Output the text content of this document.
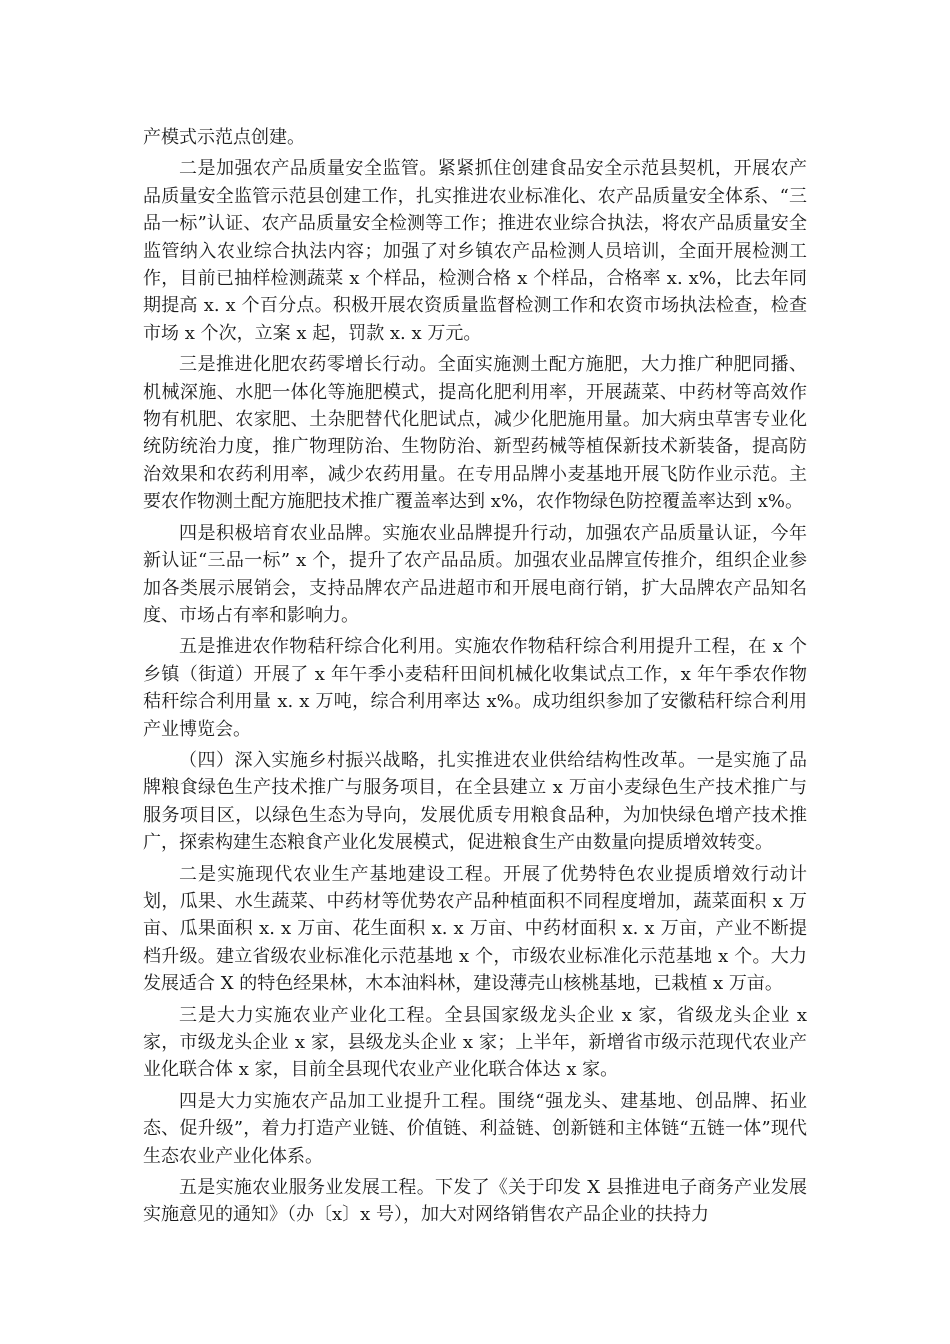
产模式示范点创建。

二是加强农产品质量安全监管。紧紧抓住创建食品安全示范县契机，开展农产品质量安全监管示范县创建工作，扎实推进农业标准化、农产品质量安全体系、“三品一标”认证、农产品质量安全检测等工作；推进农业综合执法，将农产品质量安全监管纳入农业综合执法内容；加强了对乡镇农产品检测人员培训，全面开展检测工作，目前已抽样检测蔬菜 x 个样品，检测合格 x 个样品，合格率 x. x%，比去年同期提高 x. x 个百分点。积极开展农资质量监督检测工作和农资市场执法检查，检查市场 x 个次，立案 x 起，罚款 x. x 万元。

三是推进化肥农药零增长行动。全面实施测土配方施肥，大力推广种肥同播、机械深施、水肥一体化等施肥模式，提高化肥利用率，开展蔬菜、中药材等高效作物有机肥、农家肥、土杂肥替代化肥试点，减少化肥施用量。加大病虫草害专业化统防统治力度，推广物理防治、生物防治、新型药械等植保新技术新装备，提高防治效果和农药利用率，减少农药用量。在专用品牌小麦基地开展飞防作业示范。主要农作物测土配方施肥技术推广覆盖率达到 x%，农作物绿色防控覆盖率达到 x%。

四是积极培育农业品牌。实施农业品牌提升行动，加强农产品质量认证，今年新认证“三品一标” x 个，提升了农产品品质。加强农业品牌宣传推介，组织企业参加各类展示展销会，支持品牌农产品进超市和开展电商行销，扩大品牌农产品知名度、市场占有率和影响力。

五是推进农作物秸秆综合化利用。实施农作物秸秆综合利用提升工程，在 x 个乡镇（街道）开展了 x 年午季小麦秸秆田间机械化收集试点工作，x 年午季农作物秸秆综合利用量 x. x 万吨，综合利用率达 x%。成功组织参加了安徽秸秆综合利用产业博览会。

（四）深入实施乡村振兴战略，扎实推进农业供给结构性改革。一是实施了品牌粮食绿色生产技术推广与服务项目，在全县建立 x 万亩小麦绿色生产技术推广与服务项目区，以绿色生态为导向，发展优质专用粮食品种，为加快绿色增产技术推广，探索构建生态粮食产业化发展模式，促进粮食生产由数量向提质增效转变。

二是实施现代农业生产基地建设工程。开展了优势特色农业提质增效行动计划，瓜果、水生蔬菜、中药材等优势农产品种植面积不同程度增加，蔬菜面积 x 万亩、瓜果面积 x. x 万亩、花生面积 x. x 万亩、中药材面积 x. x 万亩，产业不断提档升级。建立省级农业标准化示范基地 x 个，市级农业标准化示范基地 x 个。大力发展适合 X 的特色经果林，木本油料林，建设薄壳山核桃基地，已栽植 x 万亩。

三是大力实施农业产业化工程。全县国家级龙头企业 x 家，省级龙头企业 x 家，市级龙头企业 x 家，县级龙头企业 x 家；上半年，新增省市级示范现代农业产业化联合体 x 家，目前全县现代农业产业化联合体达 x 家。

四是大力实施农产品加工业提升工程。围绕“强龙头、建基地、创品牌、拓业态、促升级”，着力打造产业链、价值链、利益链、创新链和主体链“五链一体”现代生态农业产业化体系。

五是实施农业服务业发展工程。下发了《关于印发 X 县推进电子商务产业发展实施意见的通知》（办〔x〕x 号），加大对网络销售农产品企业的扶持力
